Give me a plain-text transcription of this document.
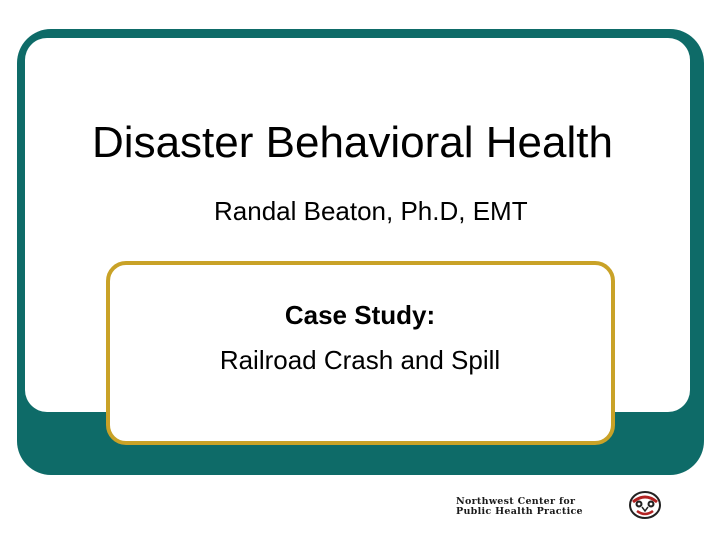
Disaster Behavioral Health
Randal Beaton, Ph.D, EMT
Case Study:
Railroad Crash and Spill
Northwest Center for
Public Health Practice
